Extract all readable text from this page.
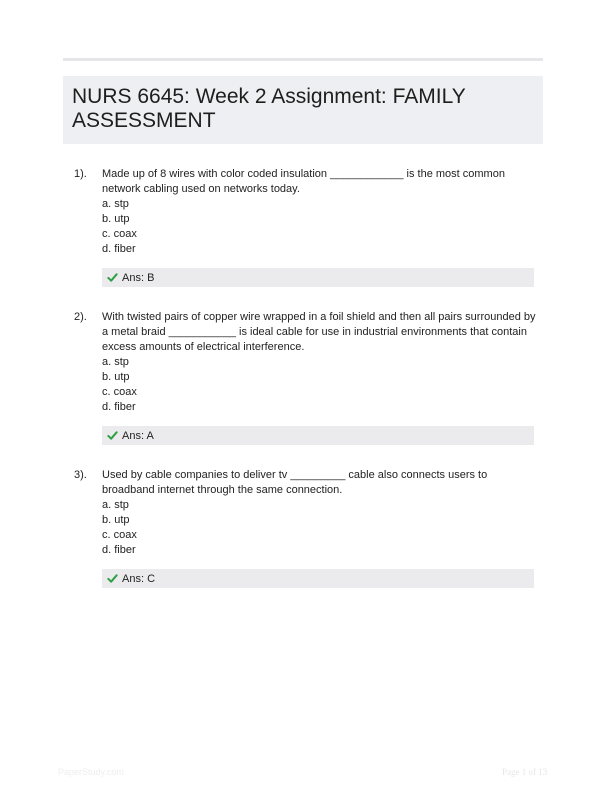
NURS 6645: Week 2 Assignment: FAMILY
ASSESSMENT
1). Made up of 8 wires with color coded insulation ____________ is the most common network cabling used on networks today.

a. stp
b. utp
c. coax
d. fiber
Ans: B
2). With twisted pairs of copper wire wrapped in a foil shield and then all pairs surrounded by a metal braid ___________ is ideal cable for use in industrial environments that contain excess amounts of electrical interference.

a. stp
b. utp
c. coax
d. fiber
Ans: A
3). Used by cable companies to deliver tv _________ cable also connects users to broadband internet through the same connection.

a. stp
b. utp
c. coax
d. fiber
Ans: C
PaperStudy.com	Page 1 of 13
